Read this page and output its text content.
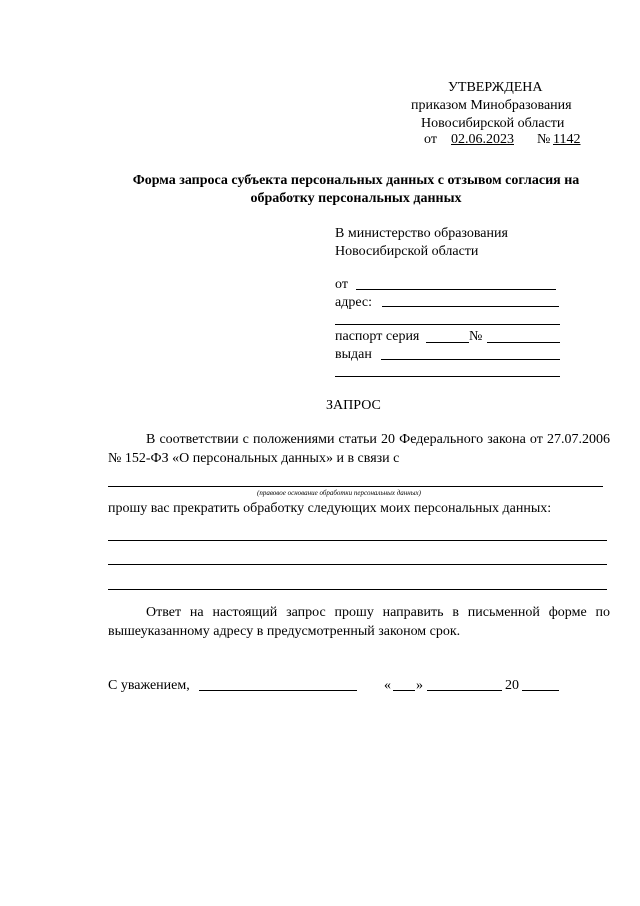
УТВЕРЖДЕНА
приказом Минобразования
Новосибирской области
от 02.06.2023	№ 1142
Форма запроса субъекта персональных данных с отзывом согласия на обработку персональных данных
В министерство образования
Новосибирской области
от
адрес:
паспорт серия	№
выдан
ЗАПРОС
В соответствии с положениями статьи 20 Федерального закона от 27.07.2006 № 152-ФЗ «О персональных данных» и в связи с
(правовое основание обработки персональных данных)
прошу вас прекратить обработку следующих моих персональных данных:
Ответ на настоящий запрос прошу направить в письменной форме по вышеуказанному адресу в предусмотренный законом срок.
С уважением,	« »	20
